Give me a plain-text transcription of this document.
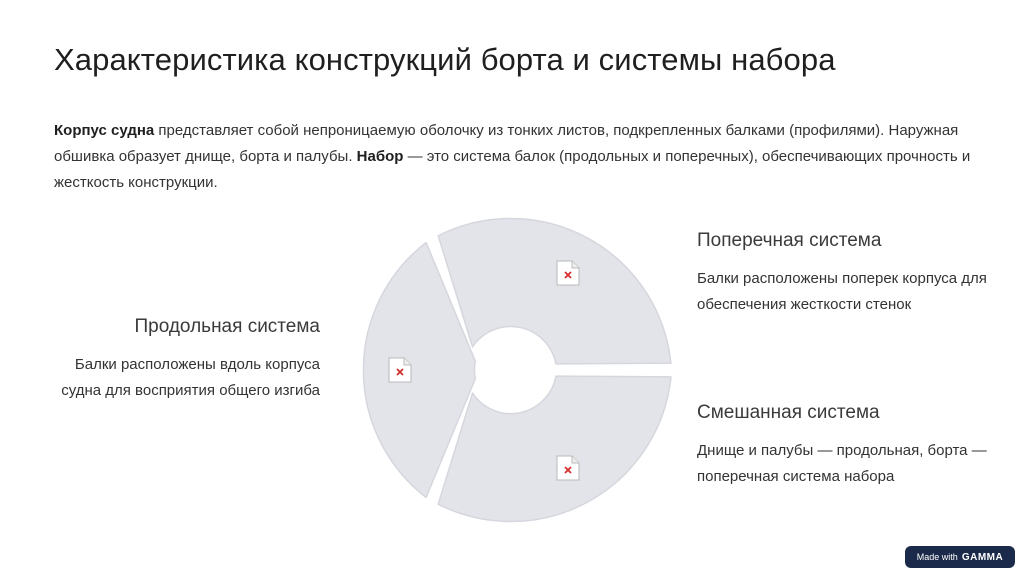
Характеристика конструкций борта и системы набора

Корпус судна представляет собой непроницаемую оболочку из тонких листов, подкрепленных балками (профилями). Наружная обшивка образует днище, борта и палубы. Набор — это система балок (продольных и поперечных), обеспечивающих прочность и жесткость конструкции.

Поперечная система
Балки расположены поперек корпуса для обеспечения жесткости стенок
Смешанная система
Днище и палубы — продольная, борта — поперечная система набора
Продольная система
Балки расположены вдоль корпуса судна для восприятия общего изгиба
Made with GAMMA
